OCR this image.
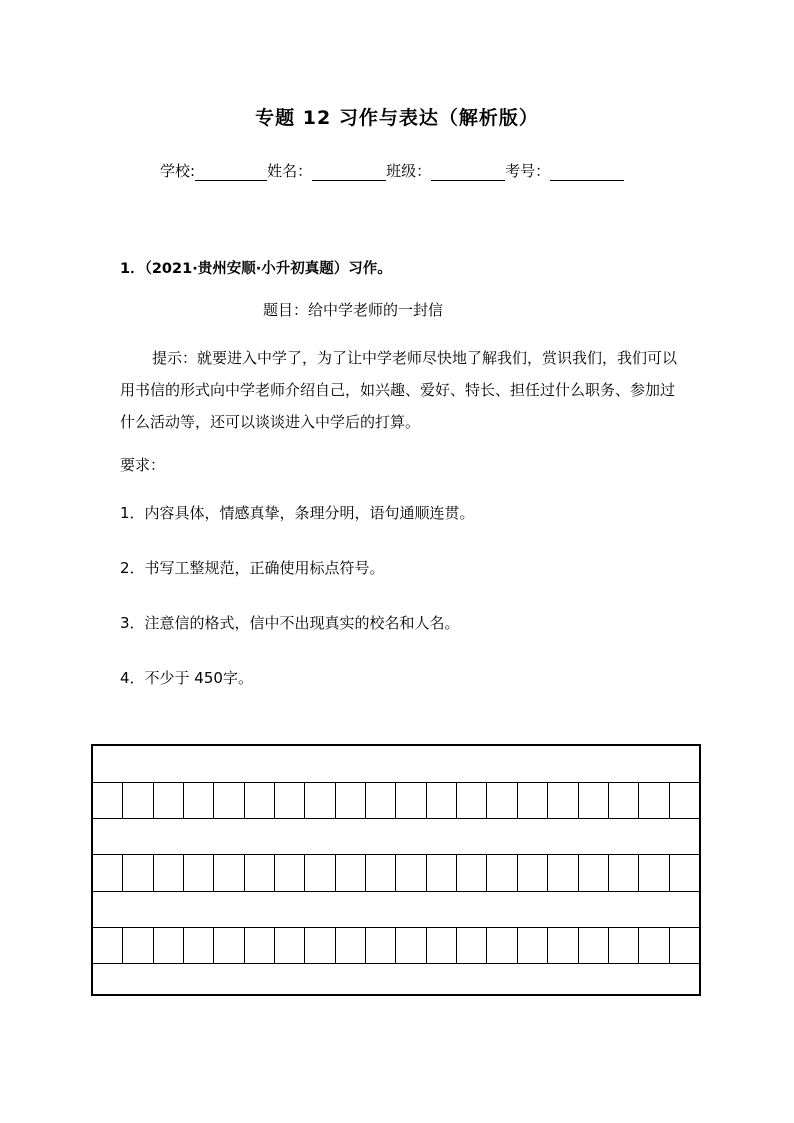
专题 12 习作与表达（解析版）
学校:	姓名：	班级：	考号：
1．（2021·贵州安顺·小升初真题）习作。
题目：给中学老师的一封信
提示：就要进入中学了，为了让中学老师尽快地了解我们，赏识我们，我们可以用书信的形式向中学老师介绍自己，如兴趣、爱好、特长、担任过什么职务、参加过什么活动等，还可以谈谈进入中学后的打算。
要求：
1．内容具体，情感真挚，条理分明，语句通顺连贯。
2．书写工整规范，正确使用标点符号。
3．注意信的格式，信中不出现真实的校名和人名。
4．不少于 450字。
